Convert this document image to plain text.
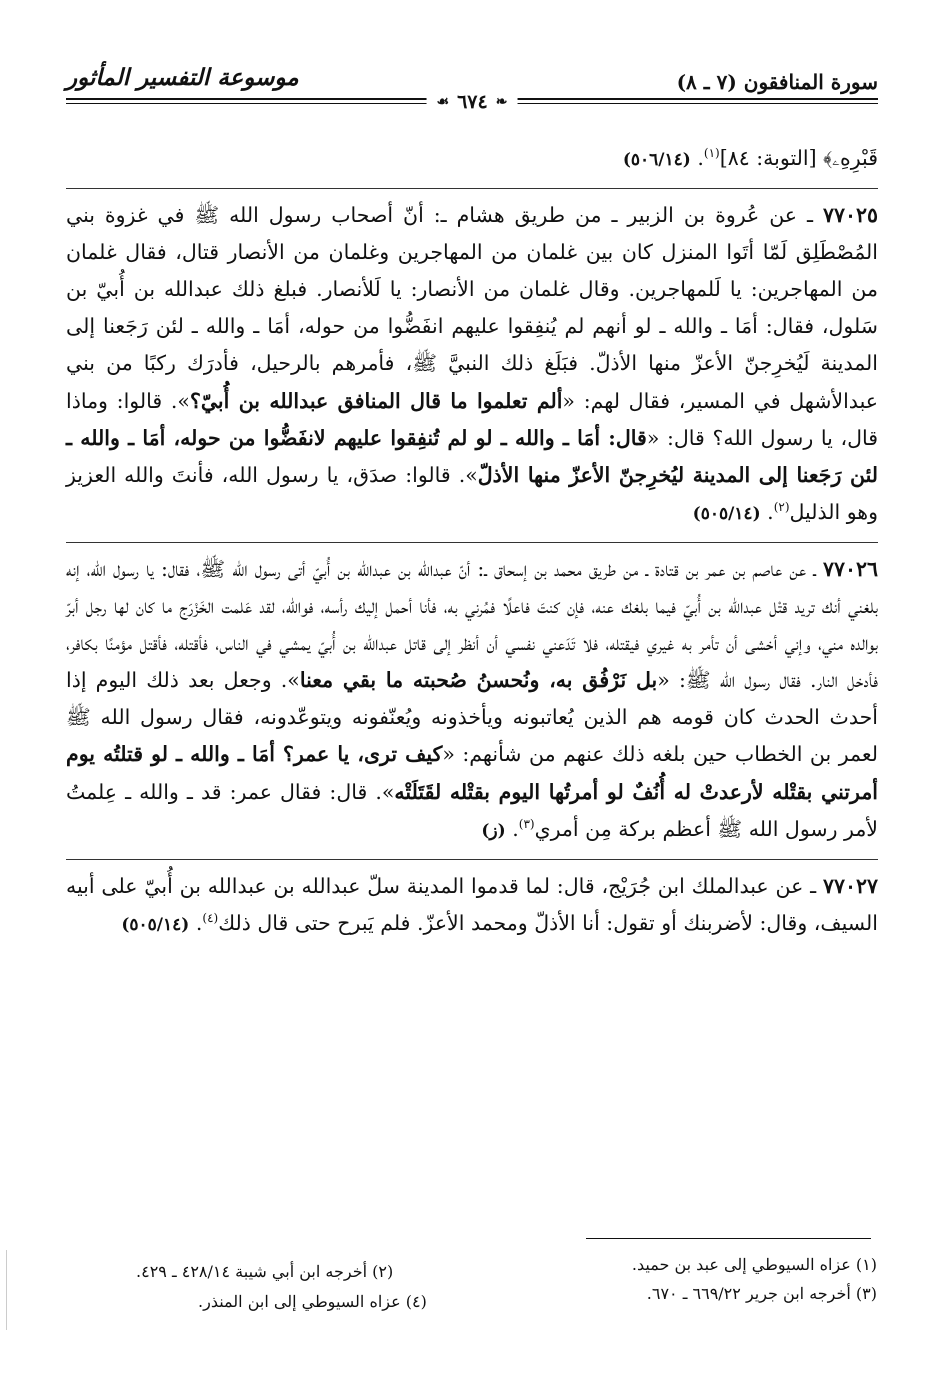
موسوعة التفسير المأثور	سورة المنافقون (٧ ـ ٨)
❧
٦٧٤
☙

قَبْرِهِۦ﴾ [التوبة: ٨٤]$^{(١)}$. (٥٠٦/١٤)

٧٧٠٢٥ ـ عن عُروة بن الزبير ـ من طريق هشام ـ: أنّ أصحاب رسول الله ﷺ في غزوة بني المُصْطَلِق لَمّا أتَوا المنزل كان بين غلمان من المهاجرين وغلمان من الأنصار قتال، فقال غلمان من المهاجرين: يا لَلمهاجرين. وقال غلمان من الأنصار: يا لَلأنصار. فبلغ ذلك عبدالله بن أُبيّ بن سَلول، فقال: أمَا ـ والله ـ لو أنهم لم يُنفِقوا عليهم انفَضُّوا من حوله، أمَا ـ والله ـ لئن رَجَعنا إلى المدينة لَيُخرِجنّ الأعزّ منها الأذلّ. فبَلَغ ذلك النبيَّ ﷺ، فأمرهم بالرحيل، فأدرَك ركبًا من بني عبدالأشهل في المسير، فقال لهم: «ألم تعلموا ما قال المنافق عبدالله بن أُبيّ؟». قالوا: وماذا قال، يا رسول الله؟ قال: «قال: أمَا ـ والله ـ لو لم تُنفِقوا عليهم لانفَضُّوا من حوله، أمَا ـ والله ـ لئن رَجَعنا إلى المدينة ليُخرِجنّ الأعزّ منها الأذلّ». قالوا: صدَق، يا رسول الله، فأنتَ والله العزيز وهو الذليل$^{(٢)}$. (٥٠٥/١٤)

٧٧٠٢٦ ـ عن عاصم بن عمر بن قتادة ـ من طريق محمد بن إسحاق ـ: أنّ عبدالله بن عبدالله بن أُبيّ أتى رسول الله ﷺ، فقال: يا رسول الله، إنه بلغني أنك تريد قتْل عبدالله بن أُبيّ فيما بلغك عنه، فإن كنتَ فاعلًا فمُرني به، فأنا أحمل إليك رأسه، فوالله، لقد عَلمت الخَزْرَج ما كان لها رجل أبرّ بوالده مني، وإني أخشى أن تأمر به غيري فيقتله، فلا تَدَعني نفسي أن أنظر إلى قاتل عبدالله بن أُبيّ يمشي في الناس، فأقتله، فأقتل مؤمنًا بكافر، فأدخل النار. فقال رسول الله ﷺ: «بل نَرْفُق به، ونُحسنُ صُحبته ما بقي معنا». وجعل بعد ذلك اليوم إذا أحدث الحدث كان قومه هم الذين يُعاتبونه ويأخذونه ويُعنّفونه ويتوعّدونه، فقال رسول الله ﷺ لعمر بن الخطاب حين بلغه ذلك عنهم من شأنهم: «كيف ترى، يا عمر؟ أمَا ـ والله ـ لو قتلتُه يوم أمرتني بقتْله لأرعدتْ له أُنُفٌ لو أمرتُها اليوم بقتْله لقَتَلَتْه». قال: فقال عمر: قد ـ والله ـ عِلمتُ لأمر رسول الله ﷺ أعظم بركة مِن أمري$^{(٣)}$. (ز)

٧٧٠٢٧ ـ عن عبدالملك ابن جُرَيْج، قال: لما قدموا المدينة سلّ عبدالله بن عبدالله بن أُبيّ على أبيه السيف، وقال: لأضربنك أو تقول: أنا الأذلّ ومحمد الأعزّ. فلم يَبرح حتى قال ذلك$^{(٤)}$. (٥٠٥/١٤)

(١) عزاه السيوطي إلى عبد بن حميد.
(٢) أخرجه ابن أبي شيبة ٤٢٨/١٤ ـ ٤٢٩.
(٣) أخرجه ابن جرير ٦٦٩/٢٢ ـ ٦٧٠.
(٤) عزاه السيوطي إلى ابن المنذر.
